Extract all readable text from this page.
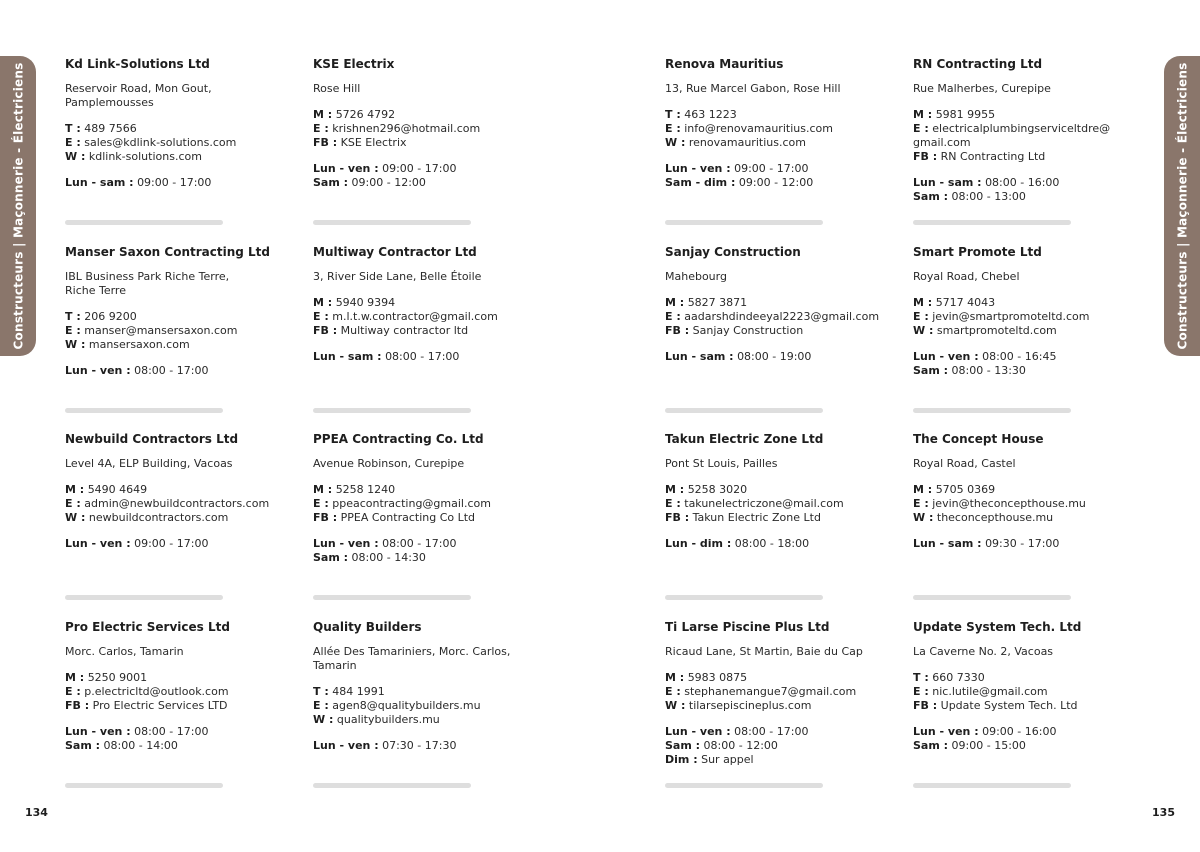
Constructeurs | Maçonnerie - Électriciens	Kd Link-Solutions Ltd
Reservoir Road, Mon Gout,
Pamplemousses
T : 489 7566
E : sales@kdlink-solutions.com
W : kdlink-solutions.com
Lun - sam : 09:00 - 17:00
KSE Electrix
Rose Hill
M : 5726 4792
E : krishnen296@hotmail.com
FB : KSE Electrix
Lun - ven : 09:00 - 17:00
Sam : 09:00 - 12:00
Manser Saxon Contracting Ltd
IBL Business Park Riche Terre,
Riche Terre
T : 206 9200
E : manser@mansersaxon.com
W : mansersaxon.com
Lun - ven : 08:00 - 17:00
Multiway Contractor Ltd
3, River Side Lane, Belle Étoile
M : 5940 9394
E : m.l.t.w.contractor@gmail.com
FB : Multiway contractor ltd
Lun - sam : 08:00 - 17:00
Newbuild Contractors Ltd
Level 4A, ELP Building, Vacoas
M : 5490 4649
E : admin@newbuildcontractors.com
W : newbuildcontractors.com
Lun - ven : 09:00 - 17:00
PPEA Contracting Co. Ltd
Avenue Robinson, Curepipe
M : 5258 1240
E : ppeacontracting@gmail.com
FB : PPEA Contracting Co Ltd
Lun - ven : 08:00 - 17:00
Sam : 08:00 - 14:30
Pro Electric Services Ltd
Morc. Carlos, Tamarin
M : 5250 9001
E : p.electricltd@outlook.com
FB : Pro Electric Services LTD
Lun - ven : 08:00 - 17:00
Sam : 08:00 - 14:00
Quality Builders
Allée Des Tamariniers, Morc. Carlos,
Tamarin
T : 484 1991
E : agen8@qualitybuilders.mu
W : qualitybuilders.mu
Lun - ven : 07:30 - 17:30
134
Constructeurs | Maçonnerie - Électriciens
Renova Mauritius
13, Rue Marcel Gabon, Rose Hill
T : 463 1223
E : info@renovamauritius.com
W : renovamauritius.com
Lun - ven : 09:00 - 17:00
Sam - dim : 09:00 - 12:00
RN Contracting Ltd
Rue Malherbes, Curepipe
M : 5981 9955
E : electricalplumbingserviceltdre@
gmail.com
FB : RN Contracting Ltd
Lun - sam : 08:00 - 16:00
Sam : 08:00 - 13:00
Sanjay Construction
Mahebourg
M : 5827 3871
E : aadarshdindeeyal2223@gmail.com
FB : Sanjay Construction
Lun - sam : 08:00 - 19:00
Smart Promote Ltd
Royal Road, Chebel
M : 5717 4043
E : jevin@smartpromoteltd.com
W : smartpromoteltd.com
Lun - ven : 08:00 - 16:45
Sam : 08:00 - 13:30
Takun Electric Zone Ltd
Pont St Louis, Pailles
M : 5258 3020
E : takunelectriczone@mail.com
FB : Takun Electric Zone Ltd
Lun - dim : 08:00 - 18:00
The Concept House
Royal Road, Castel
M : 5705 0369
E : jevin@theconcepthouse.mu
W : theconcepthouse.mu
Lun - sam : 09:30 - 17:00
Ti Larse Piscine Plus Ltd
Ricaud Lane, St Martin, Baie du Cap
M : 5983 0875
E : stephanemangue7@gmail.com
W : tilarsepiscineplus.com
Lun - ven : 08:00 - 17:00
Sam : 08:00 - 12:00
Dim : Sur appel
Update System Tech. Ltd
La Caverne No. 2, Vacoas
T : 660 7330
E : nic.lutile@gmail.com
FB : Update System Tech. Ltd
Lun - ven : 09:00 - 16:00
Sam : 09:00 - 15:00
135
